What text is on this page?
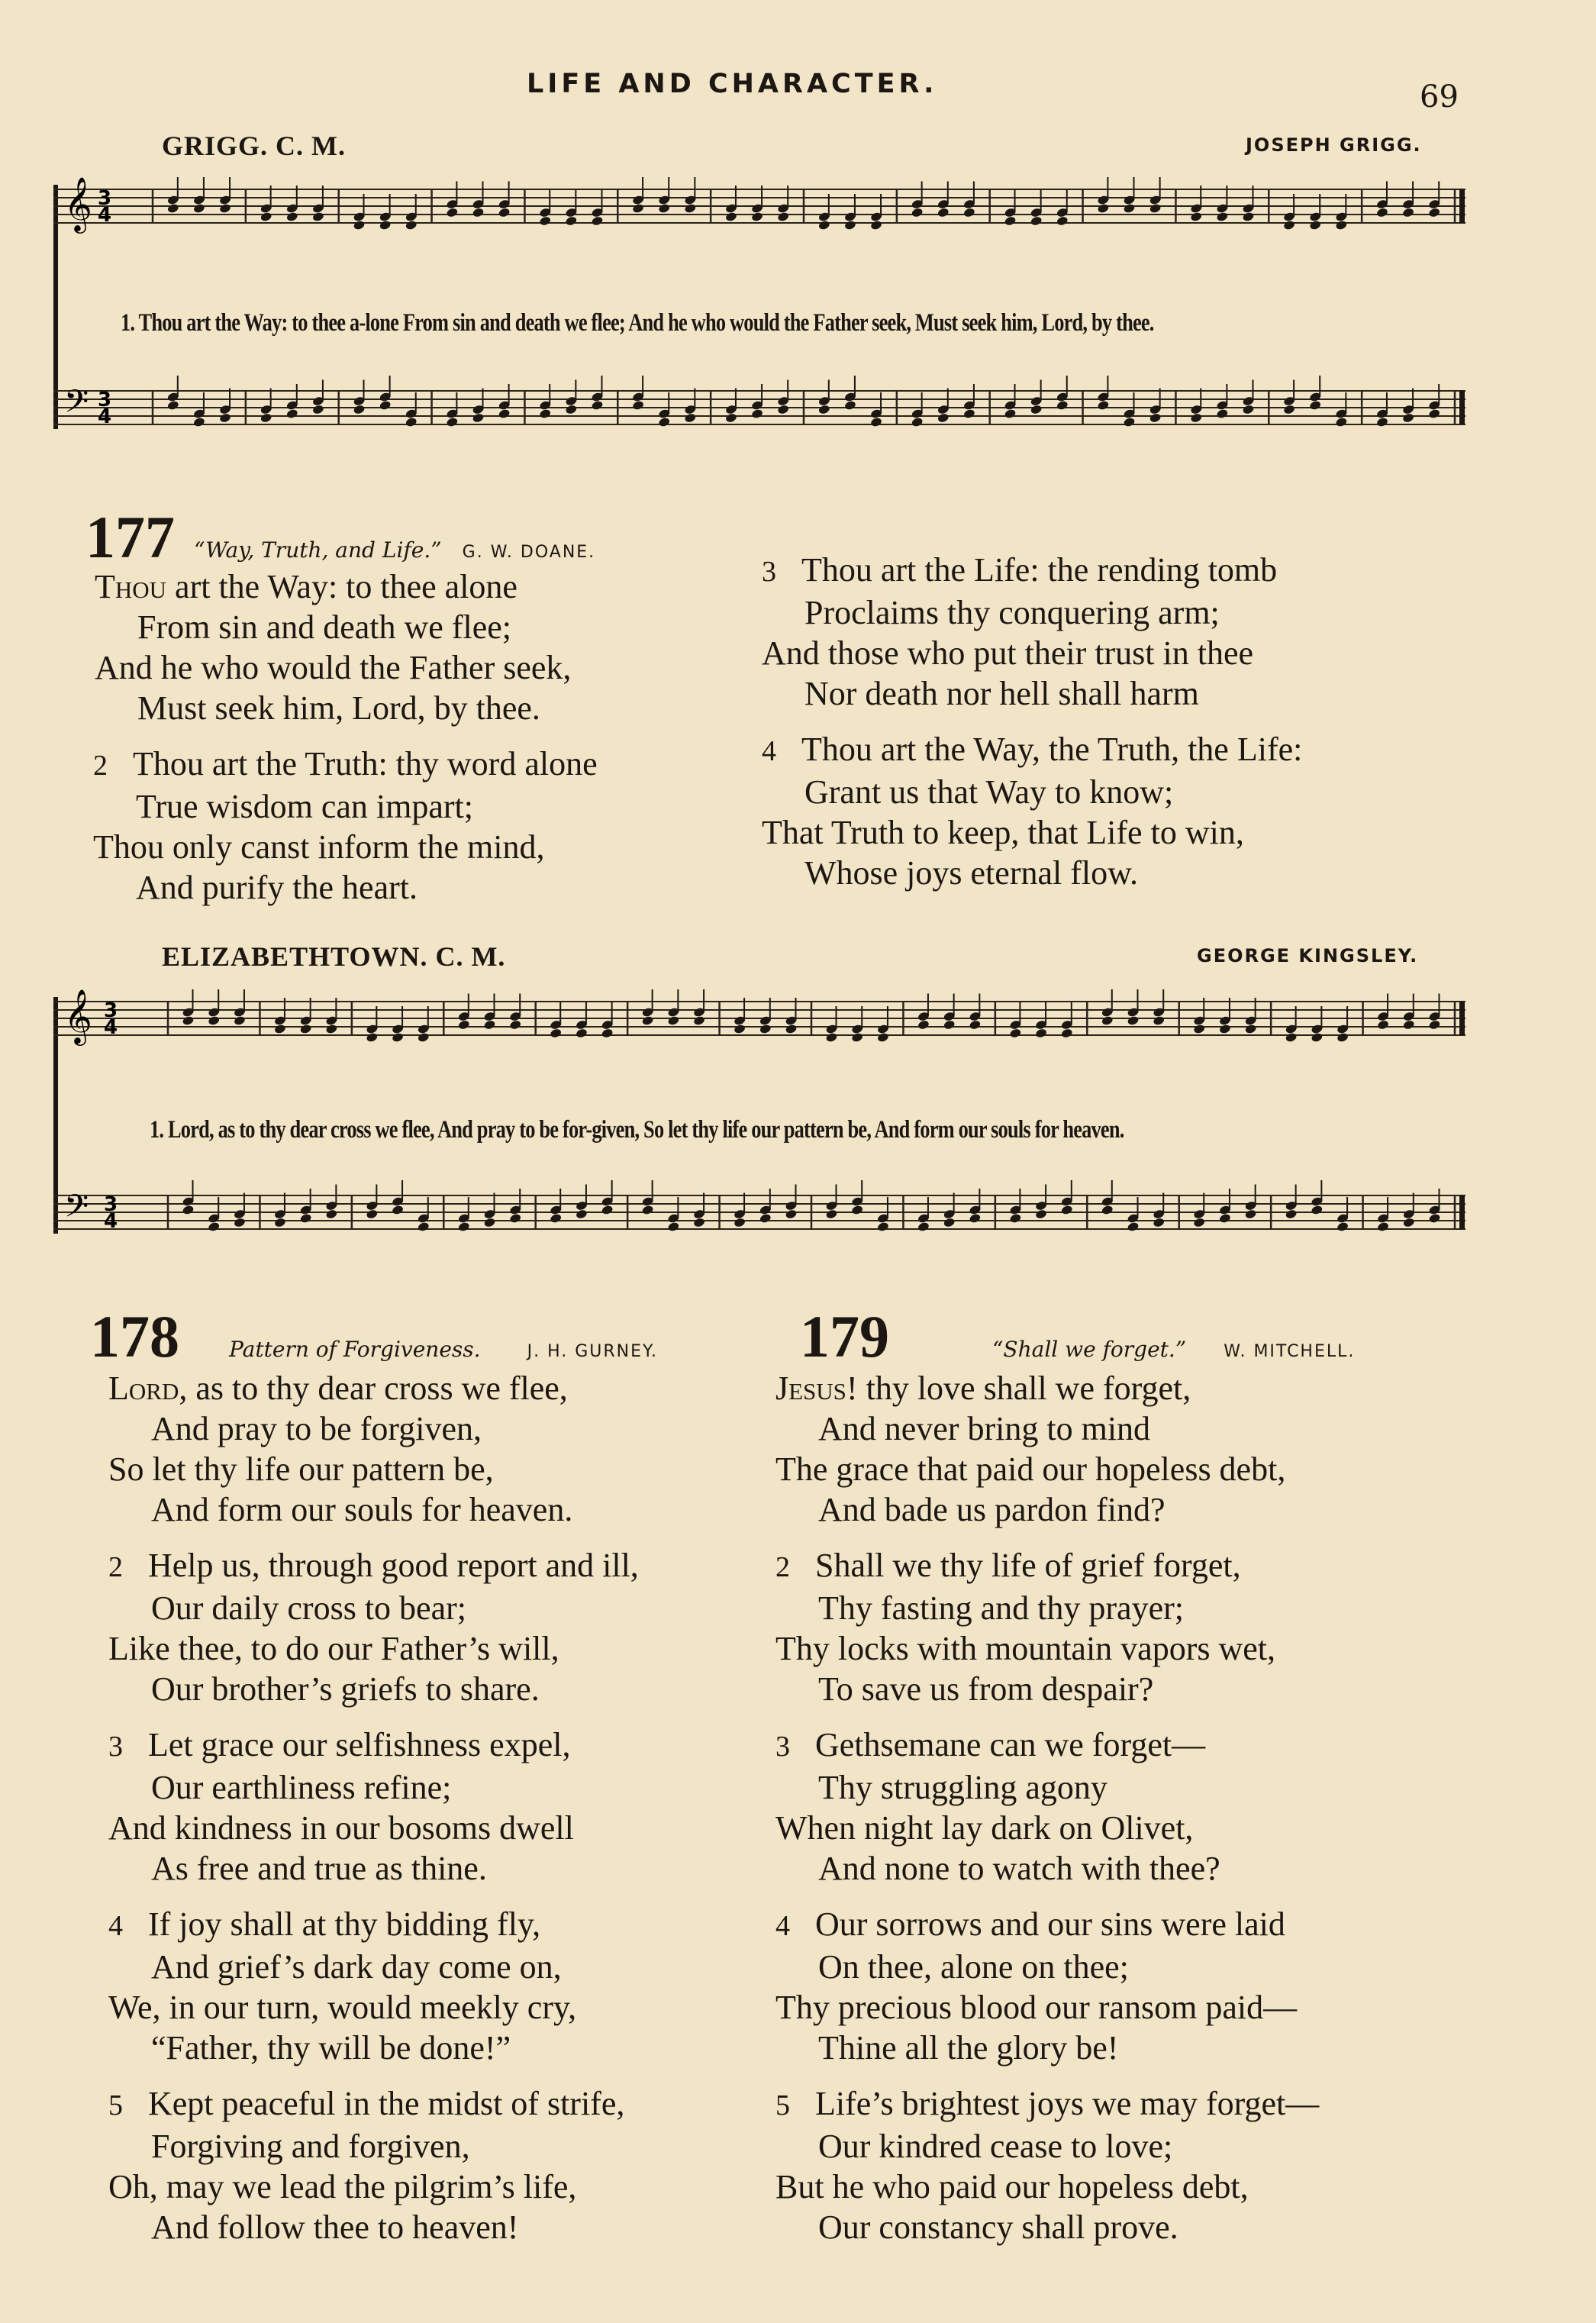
LIFE AND CHARACTER.	69
GRIGG. C. M.	JOSEPH GRIGG.
𝄞
𝄢
3
4
3
4
1. Thou art the Way: to thee a-lone From sin and death we flee; And he who would the Father seek, Must seek him, Lord, by thee.
177 “Way, Truth, and Life.” G. W. DOANE.
Thou art the Way: to thee alone
From sin and death we flee;
And he who would the Father seek,
Must seek him, Lord, by thee.
2 Thou art the Truth: thy word alone
True wisdom can impart;
Thou only canst inform the mind,
And purify the heart.
3 Thou art the Life: the rending tomb
Proclaims thy conquering arm;
And those who put their trust in thee
Nor death nor hell shall harm
4 Thou art the Way, the Truth, the Life:
Grant us that Way to know;
That Truth to keep, that Life to win,
Whose joys eternal flow.
ELIZABETHTOWN. C. M.	GEORGE KINGSLEY.
𝄞
𝄢
3
4
3
4
1. Lord, as to thy dear cross we flee, And pray to be for-given, So let thy life our pattern be, And form our souls for heaven.
178 Pattern of Forgiveness.	J. H. GURNEY.
Lord, as to thy dear cross we flee,
And pray to be forgiven,
So let thy life our pattern be,
And form our souls for heaven.
2 Help us, through good report and ill,
Our daily cross to bear;
Like thee, to do our Father’s will,
Our brother’s griefs to share.
3 Let grace our selfishness expel,
Our earthliness refine;
And kindness in our bosoms dwell
As free and true as thine.
4 If joy shall at thy bidding fly,
And grief’s dark day come on,
We, in our turn, would meekly cry,
“Father, thy will be done!”
5 Kept peaceful in the midst of strife,
Forgiving and forgiven,
Oh, may we lead the pilgrim’s life,
And follow thee to heaven!
179	“Shall we forget.” W. MITCHELL.
Jesus! thy love shall we forget,
And never bring to mind
The grace that paid our hopeless debt,
And bade us pardon find?
2 Shall we thy life of grief forget,
Thy fasting and thy prayer;
Thy locks with mountain vapors wet,
To save us from despair?
3 Gethsemane can we forget—
Thy struggling agony
When night lay dark on Olivet,
And none to watch with thee?
4 Our sorrows and our sins were laid
On thee, alone on thee;
Thy precious blood our ransom paid—
Thine all the glory be!
5 Life’s brightest joys we may forget—
Our kindred cease to love;
But he who paid our hopeless debt,
Our constancy shall prove.
